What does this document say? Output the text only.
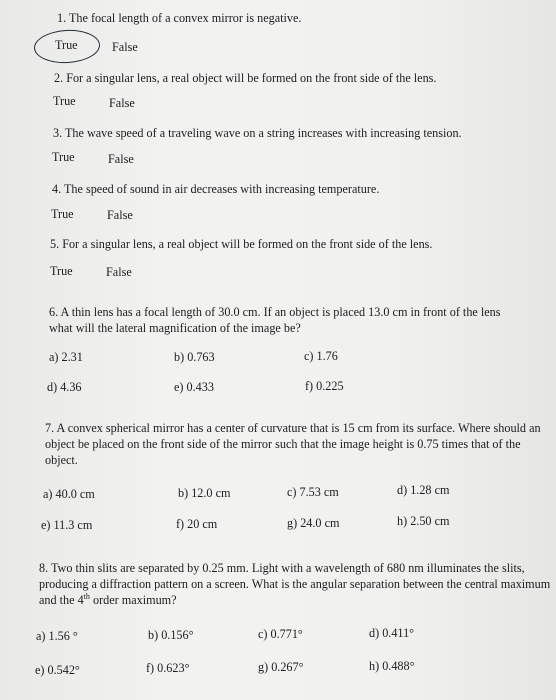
1. The focal length of a convex mirror is negative.
True	False
2. For a singular lens, a real object will be formed on the front side of the lens.
True	False
3. The wave speed of a traveling wave on a string increases with increasing tension.
True	False
4. The speed of sound in air decreases with increasing temperature.
True	False
5. For a singular lens, a real object will be formed on the front side of the lens.
True	False
6. A thin lens has a focal length of 30.0 cm. If an object is placed 13.0 cm in front of the lens what will the lateral magnification of the image be?
a) 2.31	b) 0.763	c) 1.76
d) 4.36	e) 0.433	f) 0.225
7. A convex spherical mirror has a center of curvature that is 15 cm from its surface. Where should an object be placed on the front side of the mirror such that the image height is 0.75 times that of the object.
a) 40.0 cm	b) 12.0 cm	c) 7.53 cm	d) 1.28 cm
e) 11.3 cm	f) 20 cm	g) 24.0 cm	h) 2.50 cm
8. Two thin slits are separated by 0.25 mm. Light with a wavelength of 680 nm illuminates the slits, producing a diffraction pattern on a screen. What is the angular separation between the central maximum and the 4th order maximum?
a) 1.56 °	b) 0.156°	c) 0.771°	d) 0.411°
e) 0.542°	f) 0.623°	g) 0.267°	h) 0.488°
